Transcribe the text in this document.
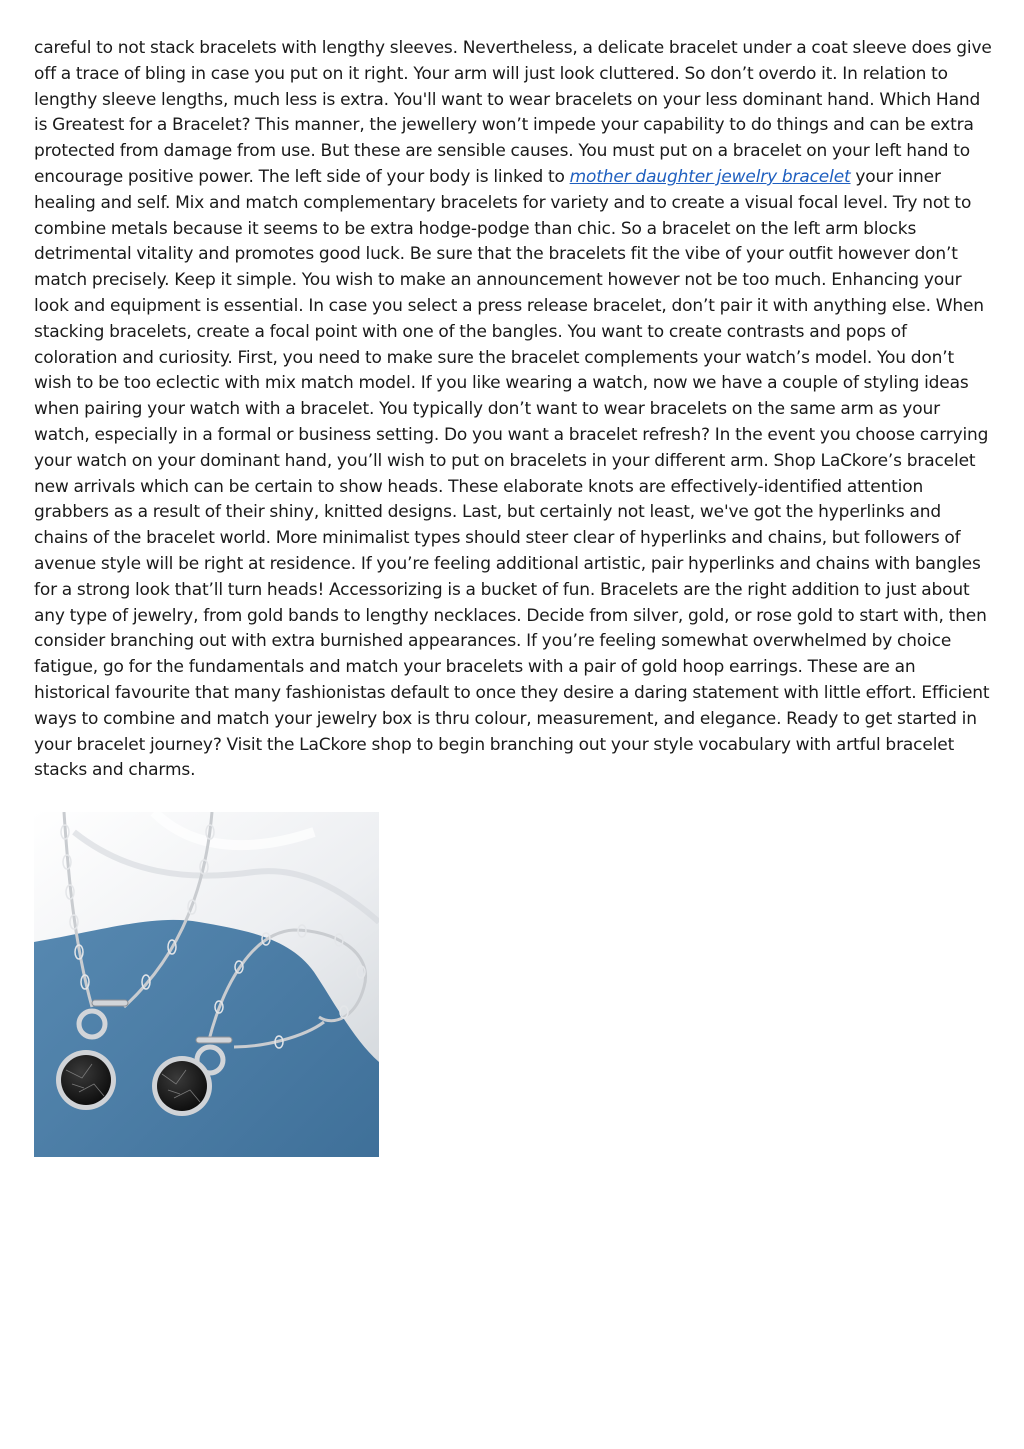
careful to not stack bracelets with lengthy sleeves. Nevertheless, a delicate bracelet under a coat sleeve does give off a trace of bling in case you put on it right. Your arm will just look cluttered. So don’t overdo it. In relation to lengthy sleeve lengths, much less is extra. You'll want to wear bracelets on your less dominant hand. Which Hand is Greatest for a Bracelet? This manner, the jewellery won’t impede your capability to do things and can be extra protected from damage from use. But these are sensible causes. You must put on a bracelet on your left hand to encourage positive power. The left side of your body is linked to mother daughter jewelry bracelet your inner healing and self. Mix and match complementary bracelets for variety and to create a visual focal level. Try not to combine metals because it seems to be extra hodge-podge than chic. So a bracelet on the left arm blocks detrimental vitality and promotes good luck. Be sure that the bracelets fit the vibe of your outfit however don’t match precisely. Keep it simple. You wish to make an announcement however not be too much. Enhancing your look and equipment is essential. In case you select a press release bracelet, don’t pair it with anything else. When stacking bracelets, create a focal point with one of the bangles. You want to create contrasts and pops of coloration and curiosity. First, you need to make sure the bracelet complements your watch’s model. You don’t wish to be too eclectic with mix match model. If you like wearing a watch, now we have a couple of styling ideas when pairing your watch with a bracelet. You typically don’t want to wear bracelets on the same arm as your watch, especially in a formal or business setting. Do you want a bracelet refresh? In the event you choose carrying your watch on your dominant hand, you’ll wish to put on bracelets in your different arm. Shop LaCkore’s bracelet new arrivals which can be certain to show heads. These elaborate knots are effectively-identified attention grabbers as a result of their shiny, knitted designs. Last, but certainly not least, we've got the hyperlinks and chains of the bracelet world. More minimalist types should steer clear of hyperlinks and chains, but followers of avenue style will be right at residence. If you’re feeling additional artistic, pair hyperlinks and chains with bangles for a strong look that’ll turn heads! Accessorizing is a bucket of fun. Bracelets are the right addition to just about any type of jewelry, from gold bands to lengthy necklaces. Decide from silver, gold, or rose gold to start with, then consider branching out with extra burnished appearances. If you’re feeling somewhat overwhelmed by choice fatigue, go for the fundamentals and match your bracelets with a pair of gold hoop earrings. These are an historical favourite that many fashionistas default to once they desire a daring statement with little effort. Efficient ways to combine and match your jewelry box is thru colour, measurement, and elegance. Ready to get started in your bracelet journey? Visit the LaCkore shop to begin branching out your style vocabulary with artful bracelet stacks and charms.
